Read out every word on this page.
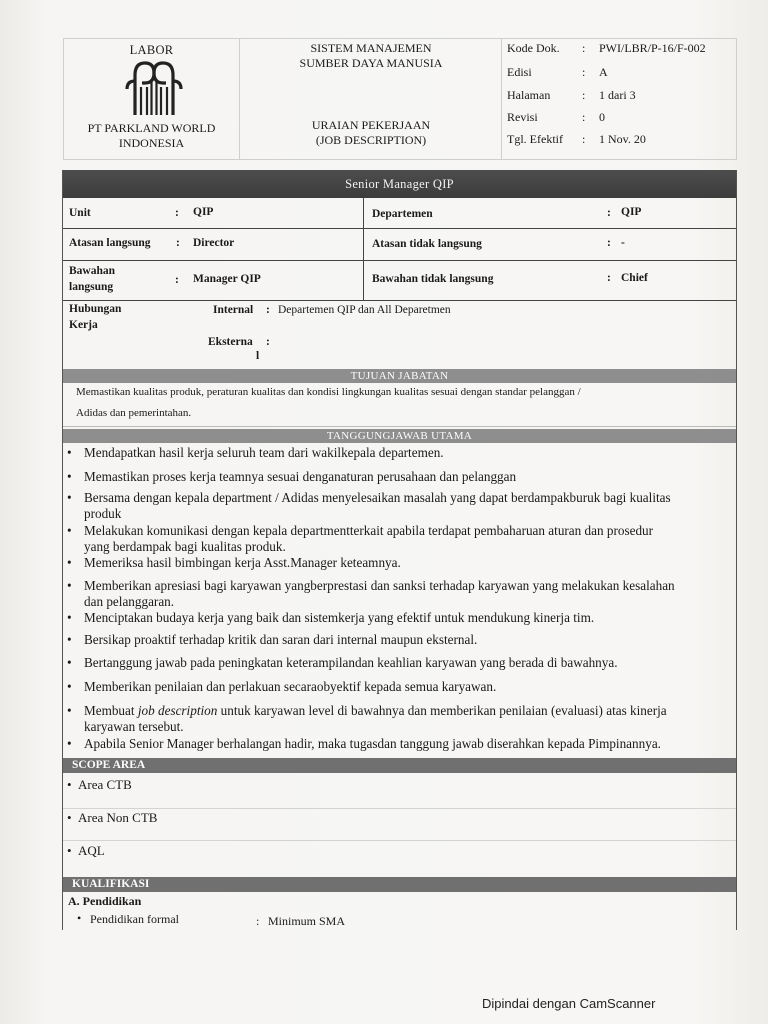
LABOR
PT PARKLAND WORLD
INDONESIA
SISTEM MANAJEMEN
SUMBER DAYA MANUSIA
URAIAN PEKERJAAN
(JOB DESCRIPTION)
Kode Dok.	: PWI/LBR/P-16/F-002
Edisi	: A
Halaman	: 1 dari 3
Revisi	: 0
Tgl. Efektif	: 1 Nov. 20
Senior Manager QIP
Unit	: QIP	Departemen	: QIP
Atasan langsung : Director	Atasan tidak langsung	: -
Bawahan
langsung
: Manager QIP	Bawahan tidak langsung	: Chief
Hubungan
Kerja
Internal : Departemen QIP dan All Deparetmen
Eksterna :
l
TUJUAN JABATAN
Memastikan kualitas produk, peraturan kualitas dan kondisi lingkungan kualitas sesuai dengan standar pelanggan /
Adidas dan pemerintahan.
TANGGUNGJAWAB UTAMA
• Mendapatkan hasil kerja seluruh team dari wakilkepala departemen.
• Memastikan proses kerja teamnya sesuai denganaturan perusahaan dan pelanggan
• Bersama dengan kepala department / Adidas menyelesaikan masalah yang dapat berdampakburuk bagi kualitas
produk
• Melakukan komunikasi dengan kepala departmentterkait apabila terdapat pembaharuan aturan dan prosedur
yang berdampak bagi kualitas produk.
• Memeriksa hasil bimbingan kerja Asst.Manager keteamnya.
• Memberikan apresiasi bagi karyawan yangberprestasi dan sanksi terhadap karyawan yang melakukan kesalahan
dan pelanggaran.
• Menciptakan budaya kerja yang baik dan sistemkerja yang efektif untuk mendukung kinerja tim.
• Bersikap proaktif terhadap kritik dan saran dari internal maupun eksternal.
• Bertanggung jawab pada peningkatan keterampilandan keahlian karyawan yang berada di bawahnya.
• Memberikan penilaian dan perlakuan secaraobyektif kepada semua karyawan.
• Membuat job description untuk karyawan level di bawahnya dan memberikan penilaian (evaluasi) atas kinerja
karyawan tersebut.
• Apabila Senior Manager berhalangan hadir, maka tugasdan tanggung jawab diserahkan kepada Pimpinannya.
SCOPE AREA
• Area CTB
• Area Non CTB
• AQL
KUALIFIKASI
A. Pendidikan
• Pendidikan formal	: Minimum SMA
Dipindai dengan CamScanner
